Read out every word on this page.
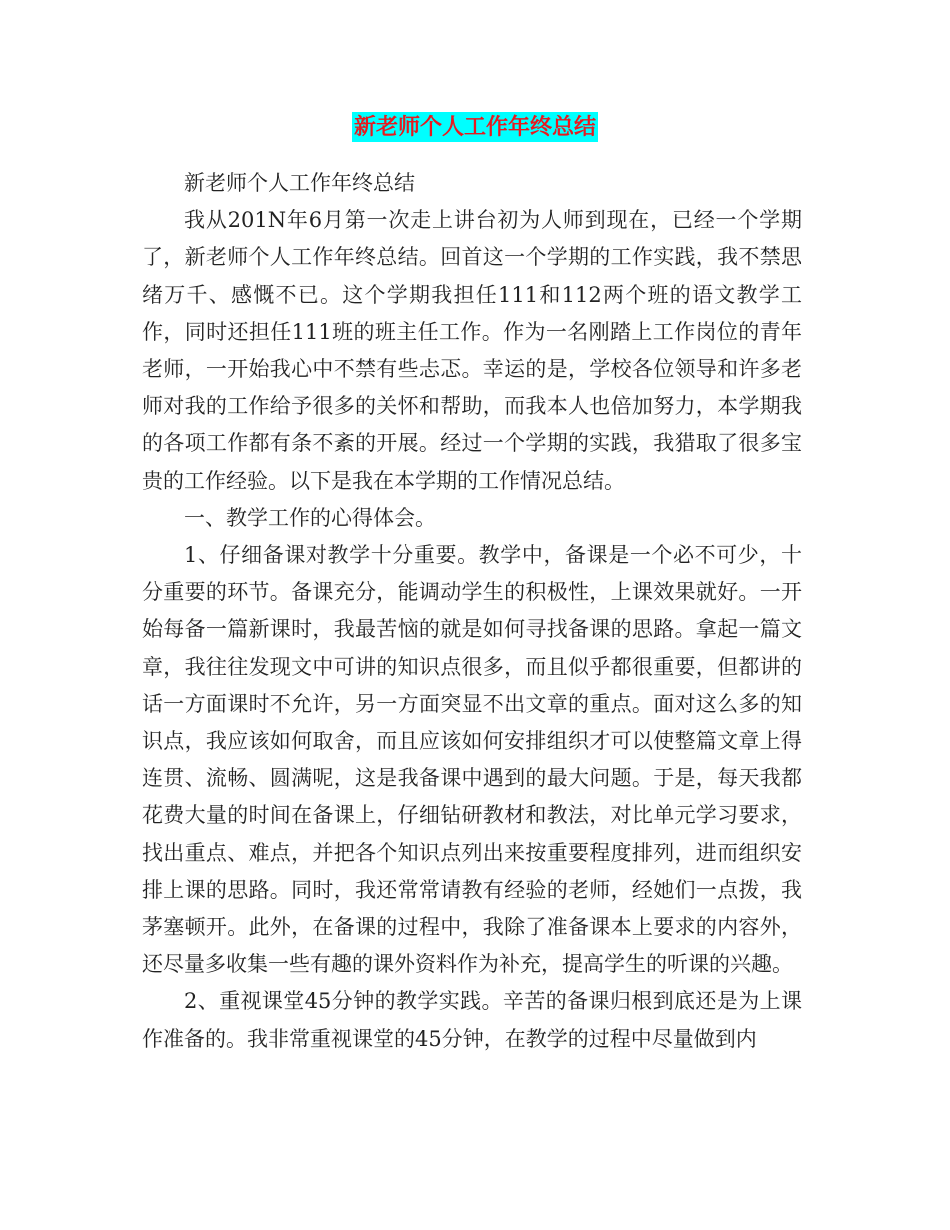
新老师个人工作年终总结

新老师个人工作年终总结

我从201N年6月第一次走上讲台初为人师到现在，已经一个学期了，新老师个人工作年终总结。回首这一个学期的工作实践，我不禁思绪万千、感慨不已。这个学期我担任111和112两个班的语文教学工作，同时还担任111班的班主任工作。作为一名刚踏上工作岗位的青年老师，一开始我心中不禁有些忐忑。幸运的是，学校各位领导和许多老师对我的工作给予很多的关怀和帮助，而我本人也倍加努力，本学期我的各项工作都有条不紊的开展。经过一个学期的实践，我猎取了很多宝贵的工作经验。以下是我在本学期的工作情况总结。

一、教学工作的心得体会。

1、仔细备课对教学十分重要。教学中，备课是一个必不可少，十分重要的环节。备课充分，能调动学生的积极性，上课效果就好。一开始每备一篇新课时，我最苦恼的就是如何寻找备课的思路。拿起一篇文章，我往往发现文中可讲的知识点很多，而且似乎都很重要，但都讲的话一方面课时不允许，另一方面突显不出文章的重点。面对这么多的知识点，我应该如何取舍，而且应该如何安排组织才可以使整篇文章上得连贯、流畅、圆满呢，这是我备课中遇到的最大问题。于是，每天我都花费大量的时间在备课上，仔细钻研教材和教法，对比单元学习要求，找出重点、难点，并把各个知识点列出来按重要程度排列，进而组织安排上课的思路。同时，我还常常请教有经验的老师，经她们一点拨，我茅塞顿开。此外，在备课的过程中，我除了准备课本上要求的内容外，还尽量多收集一些有趣的课外资料作为补充，提高学生的听课的兴趣。

2、重视课堂45分钟的教学实践。辛苦的备课归根到底还是为上课作准备的。我非常重视课堂的45分钟，在教学的过程中尽量做到内
